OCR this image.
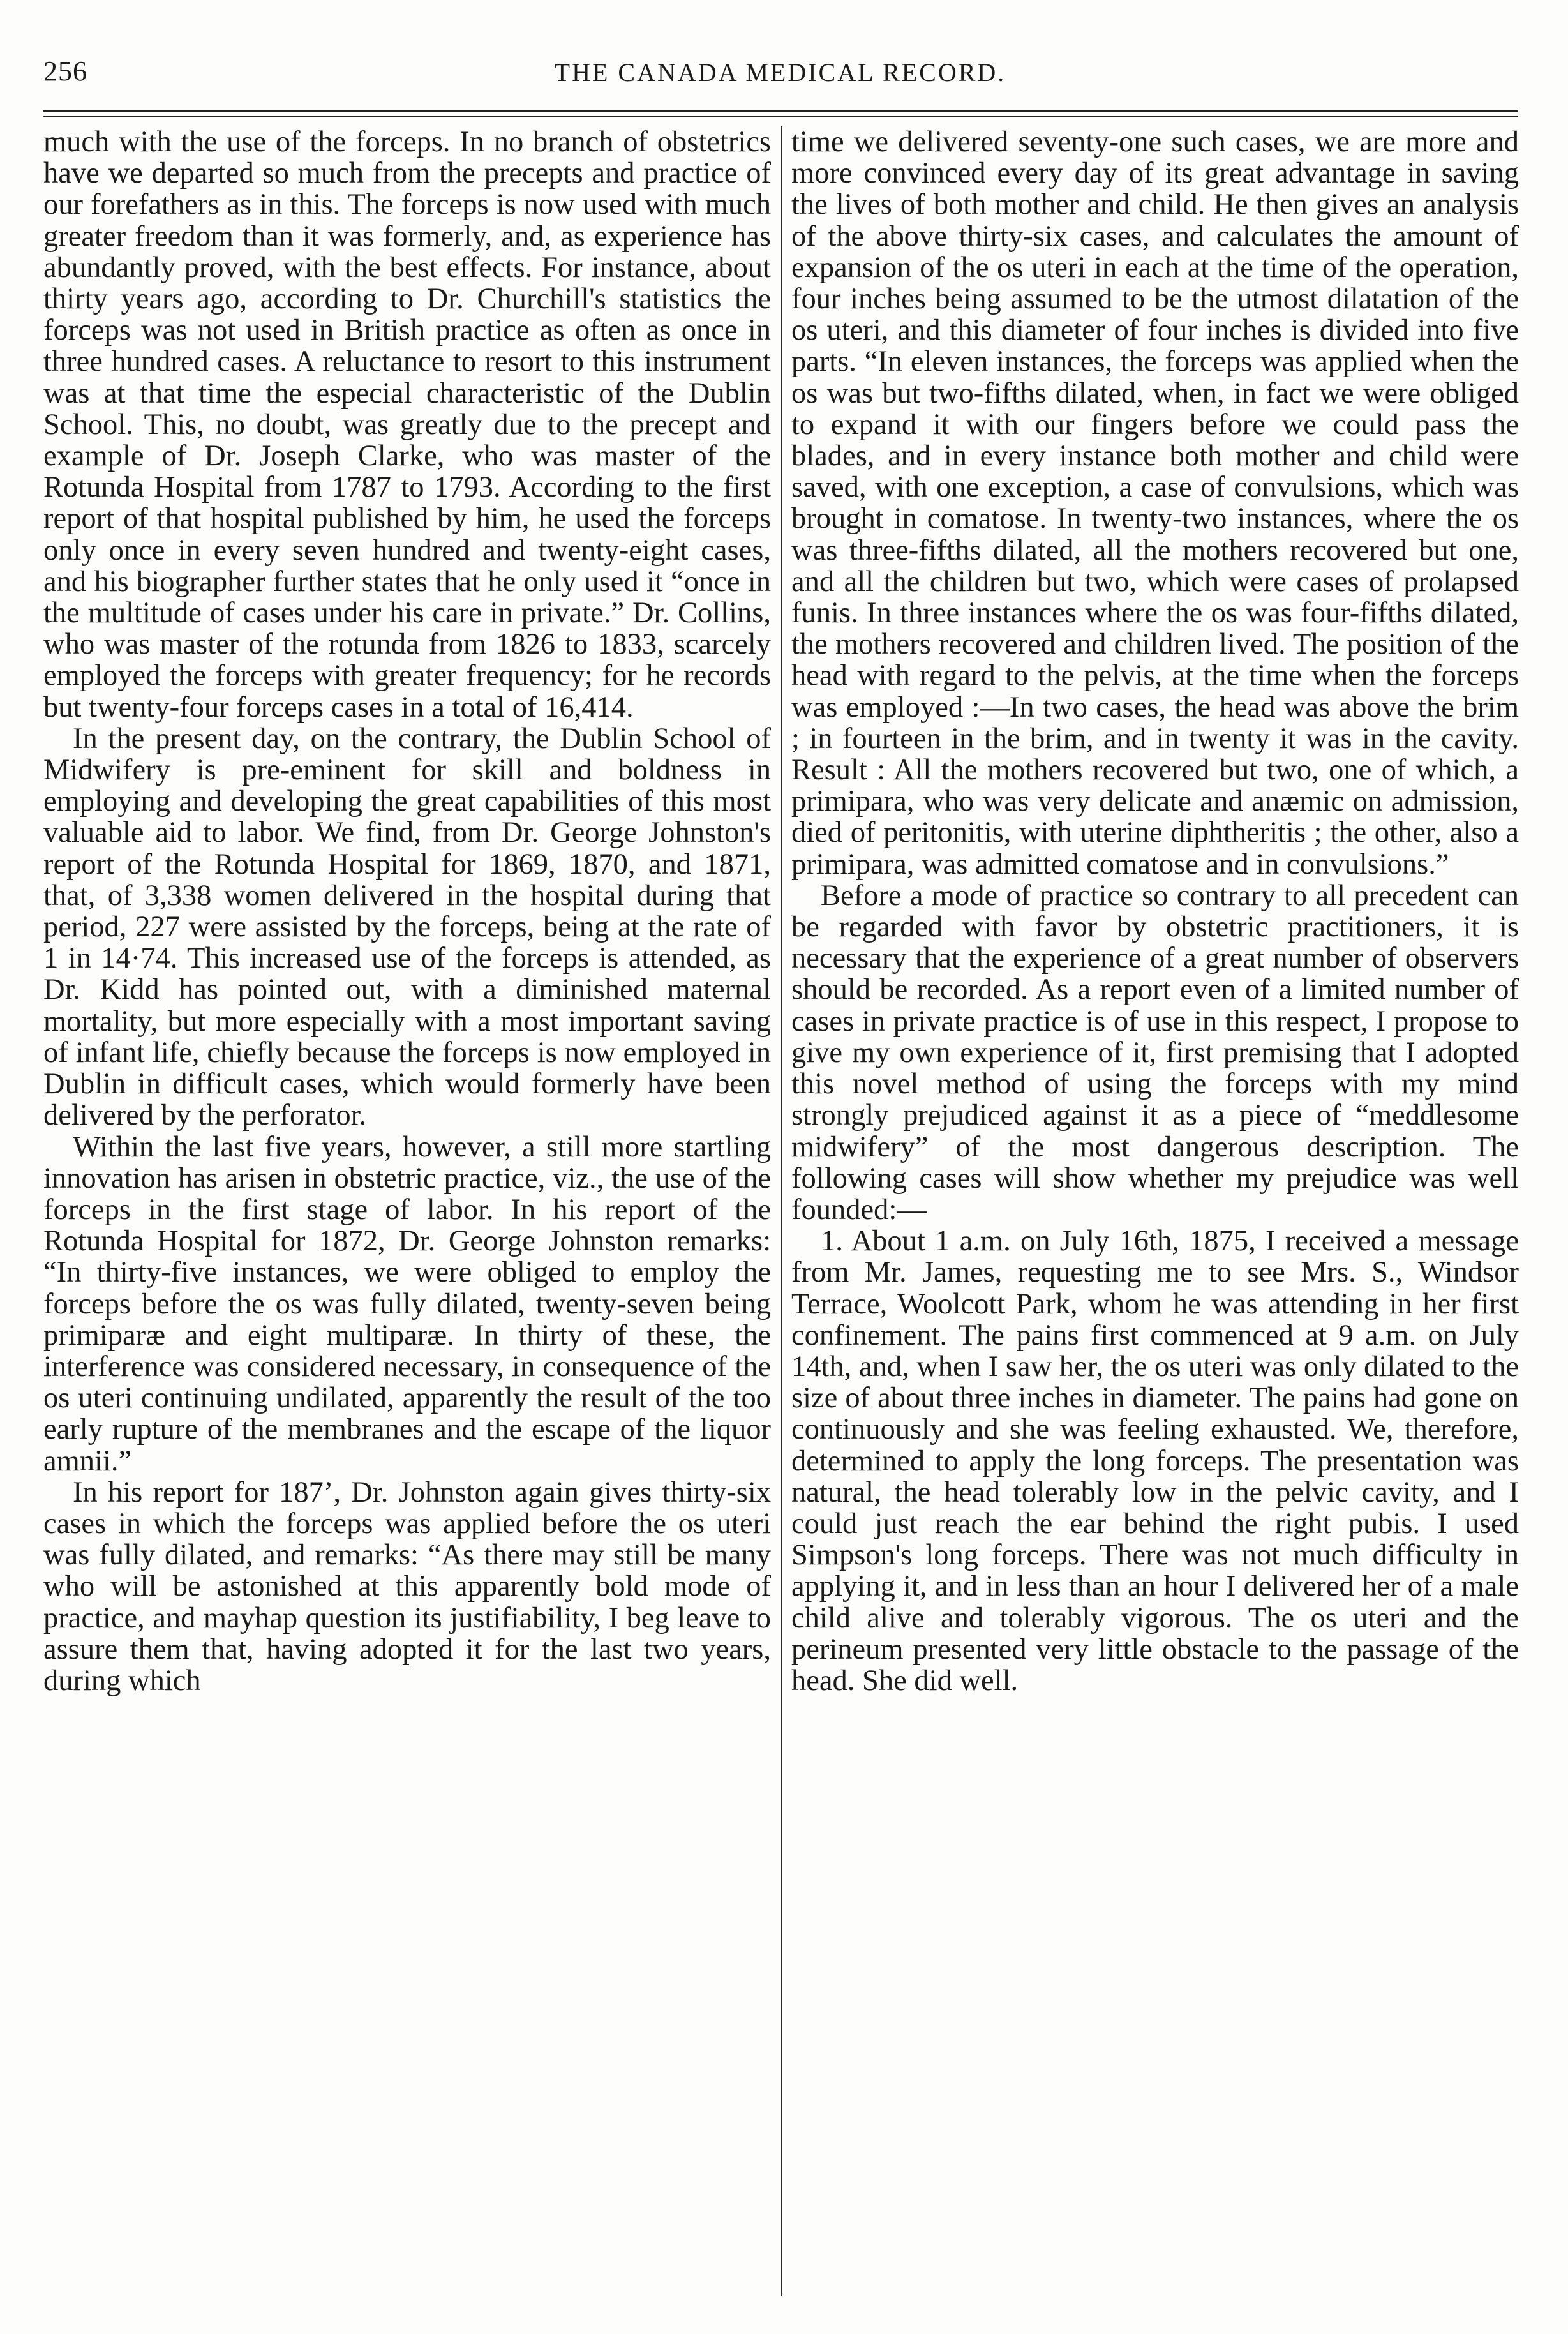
256	THE CANADA MEDICAL RECORD.

much with the use of the forceps. In no branch of obstetrics have we departed so much from the precepts and practice of our forefathers as in this. The forceps is now used with much greater freedom than it was formerly, and, as experience has abundantly proved, with the best effects. For instance, about thirty years ago, according to Dr. Churchill's statistics the forceps was not used in British practice as often as once in three hundred cases. A reluctance to resort to this instrument was at that time the especial characteristic of the Dublin School. This, no doubt, was greatly due to the precept and example of Dr. Joseph Clarke, who was master of the Rotunda Hospital from 1787 to 1793. According to the first report of that hospital published by him, he used the forceps only once in every seven hundred and twenty-eight cases, and his biographer further states that he only used it “once in the multitude of cases under his care in private.” Dr. Collins, who was master of the rotunda from 1826 to 1833, scarcely employed the forceps with greater frequency; for he records but twenty-four forceps cases in a total of 16,414.

In the present day, on the contrary, the Dublin School of Midwifery is pre-eminent for skill and boldness in employing and developing the great capabilities of this most valuable aid to labor. We find, from Dr. George Johnston's report of the Rotunda Hospital for 1869, 1870, and 1871, that, of 3,338 women delivered in the hospital during that period, 227 were assisted by the forceps, being at the rate of 1 in 14·74. This increased use of the forceps is attended, as Dr. Kidd has pointed out, with a diminished maternal mortality, but more especially with a most important saving of infant life, chiefly because the forceps is now employed in Dublin in difficult cases, which would formerly have been delivered by the perforator.

Within the last five years, however, a still more startling innovation has arisen in obstetric practice, viz., the use of the forceps in the first stage of labor. In his report of the Rotunda Hospital for 1872, Dr. George Johnston remarks: “In thirty-five instances, we were obliged to employ the forceps before the os was fully dilated, twenty-seven being primiparæ and eight multiparæ. In thirty of these, the interference was considered necessary, in consequence of the os uteri continuing undilated, apparently the result of the too early rupture of the membranes and the escape of the liquor amnii.”

In his report for 187’, Dr. Johnston again gives thirty-six cases in which the forceps was applied before the os uteri was fully dilated, and remarks: “As there may still be many who will be astonished at this apparently bold mode of practice, and mayhap question its justifiability, I beg leave to assure them that, having adopted it for the last two years, during which

time we delivered seventy-one such cases, we are more and more convinced every day of its great advantage in saving the lives of both mother and child. He then gives an analysis of the above thirty-six cases, and calculates the amount of expansion of the os uteri in each at the time of the operation, four inches being assumed to be the utmost dilatation of the os uteri, and this diameter of four inches is divided into five parts. “In eleven instances, the forceps was applied when the os was but two-fifths dilated, when, in fact we were obliged to expand it with our fingers before we could pass the blades, and in every instance both mother and child were saved, with one exception, a case of convulsions, which was brought in comatose. In twenty-two instances, where the os was three-fifths dilated, all the mothers recovered but one, and all the children but two, which were cases of prolapsed funis. In three instances where the os was four-fifths dilated, the mothers recovered and children lived. The position of the head with regard to the pelvis, at the time when the forceps was employed :—In two cases, the head was above the brim ; in fourteen in the brim, and in twenty it was in the cavity. Result : All the mothers recovered but two, one of which, a primipara, who was very delicate and anæmic on admission, died of peritonitis, with uterine diphtheritis ; the other, also a primipara, was admitted comatose and in convulsions.”

Before a mode of practice so contrary to all precedent can be regarded with favor by obstetric practitioners, it is necessary that the experience of a great number of observers should be recorded. As a report even of a limited number of cases in private practice is of use in this respect, I propose to give my own experience of it, first premising that I adopted this novel method of using the forceps with my mind strongly prejudiced against it as a piece of “meddlesome midwifery” of the most dangerous description. The following cases will show whether my prejudice was well founded:—

1. About 1 a.m. on July 16th, 1875, I received a message from Mr. James, requesting me to see Mrs. S., Windsor Terrace, Woolcott Park, whom he was attending in her first confinement. The pains first commenced at 9 a.m. on July 14th, and, when I saw her, the os uteri was only dilated to the size of about three inches in diameter. The pains had gone on continuously and she was feeling exhausted. We, therefore, determined to apply the long forceps. The presentation was natural, the head tolerably low in the pelvic cavity, and I could just reach the ear behind the right pubis. I used Simpson's long forceps. There was not much difficulty in applying it, and in less than an hour I delivered her of a male child alive and tolerably vigorous. The os uteri and the perineum presented very little obstacle to the passage of the head. She did well.
